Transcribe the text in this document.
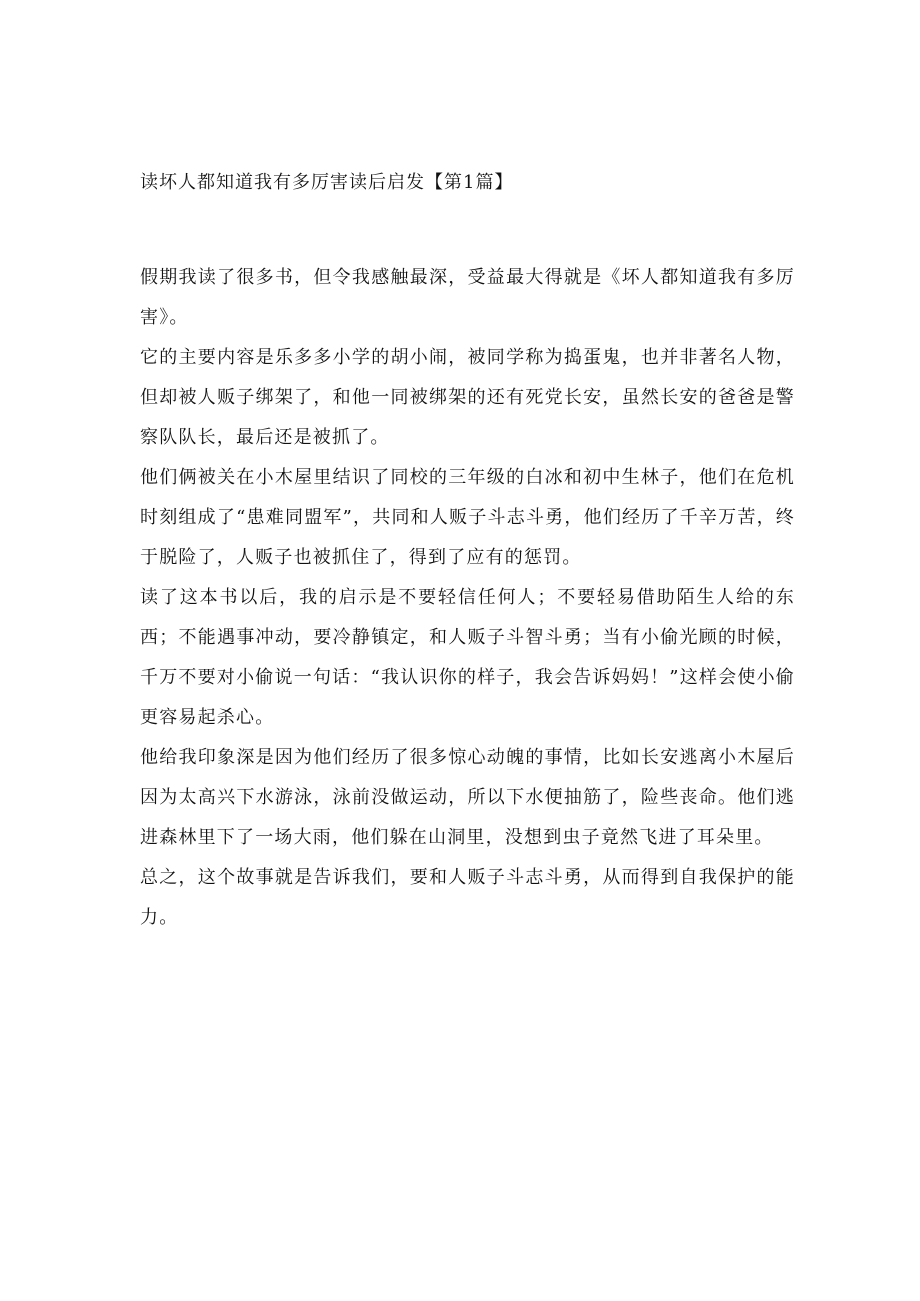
读坏人都知道我有多厉害读后启发【第1篇】

假期我读了很多书，但令我感触最深，受益最大得就是《坏人都知道我有多厉害》。

它的主要内容是乐多多小学的胡小闹，被同学称为捣蛋鬼，也并非著名人物，但却被人贩子绑架了，和他一同被绑架的还有死党长安，虽然长安的爸爸是警察队队长，最后还是被抓了。

他们俩被关在小木屋里结识了同校的三年级的白冰和初中生林子，他们在危机时刻组成了“患难同盟军”，共同和人贩子斗志斗勇，他们经历了千辛万苦，终于脱险了，人贩子也被抓住了，得到了应有的惩罚。

读了这本书以后，我的启示是不要轻信任何人；不要轻易借助陌生人给的东西；不能遇事冲动，要冷静镇定，和人贩子斗智斗勇；当有小偷光顾的时候，千万不要对小偷说一句话：“我认识你的样子，我会告诉妈妈！”这样会使小偷更容易起杀心。

他给我印象深是因为他们经历了很多惊心动魄的事情，比如长安逃离小木屋后因为太高兴下水游泳，泳前没做运动，所以下水便抽筋了，险些丧命。他们逃进森林里下了一场大雨，他们躲在山洞里，没想到虫子竟然飞进了耳朵里。

总之，这个故事就是告诉我们，要和人贩子斗志斗勇，从而得到自我保护的能力。
